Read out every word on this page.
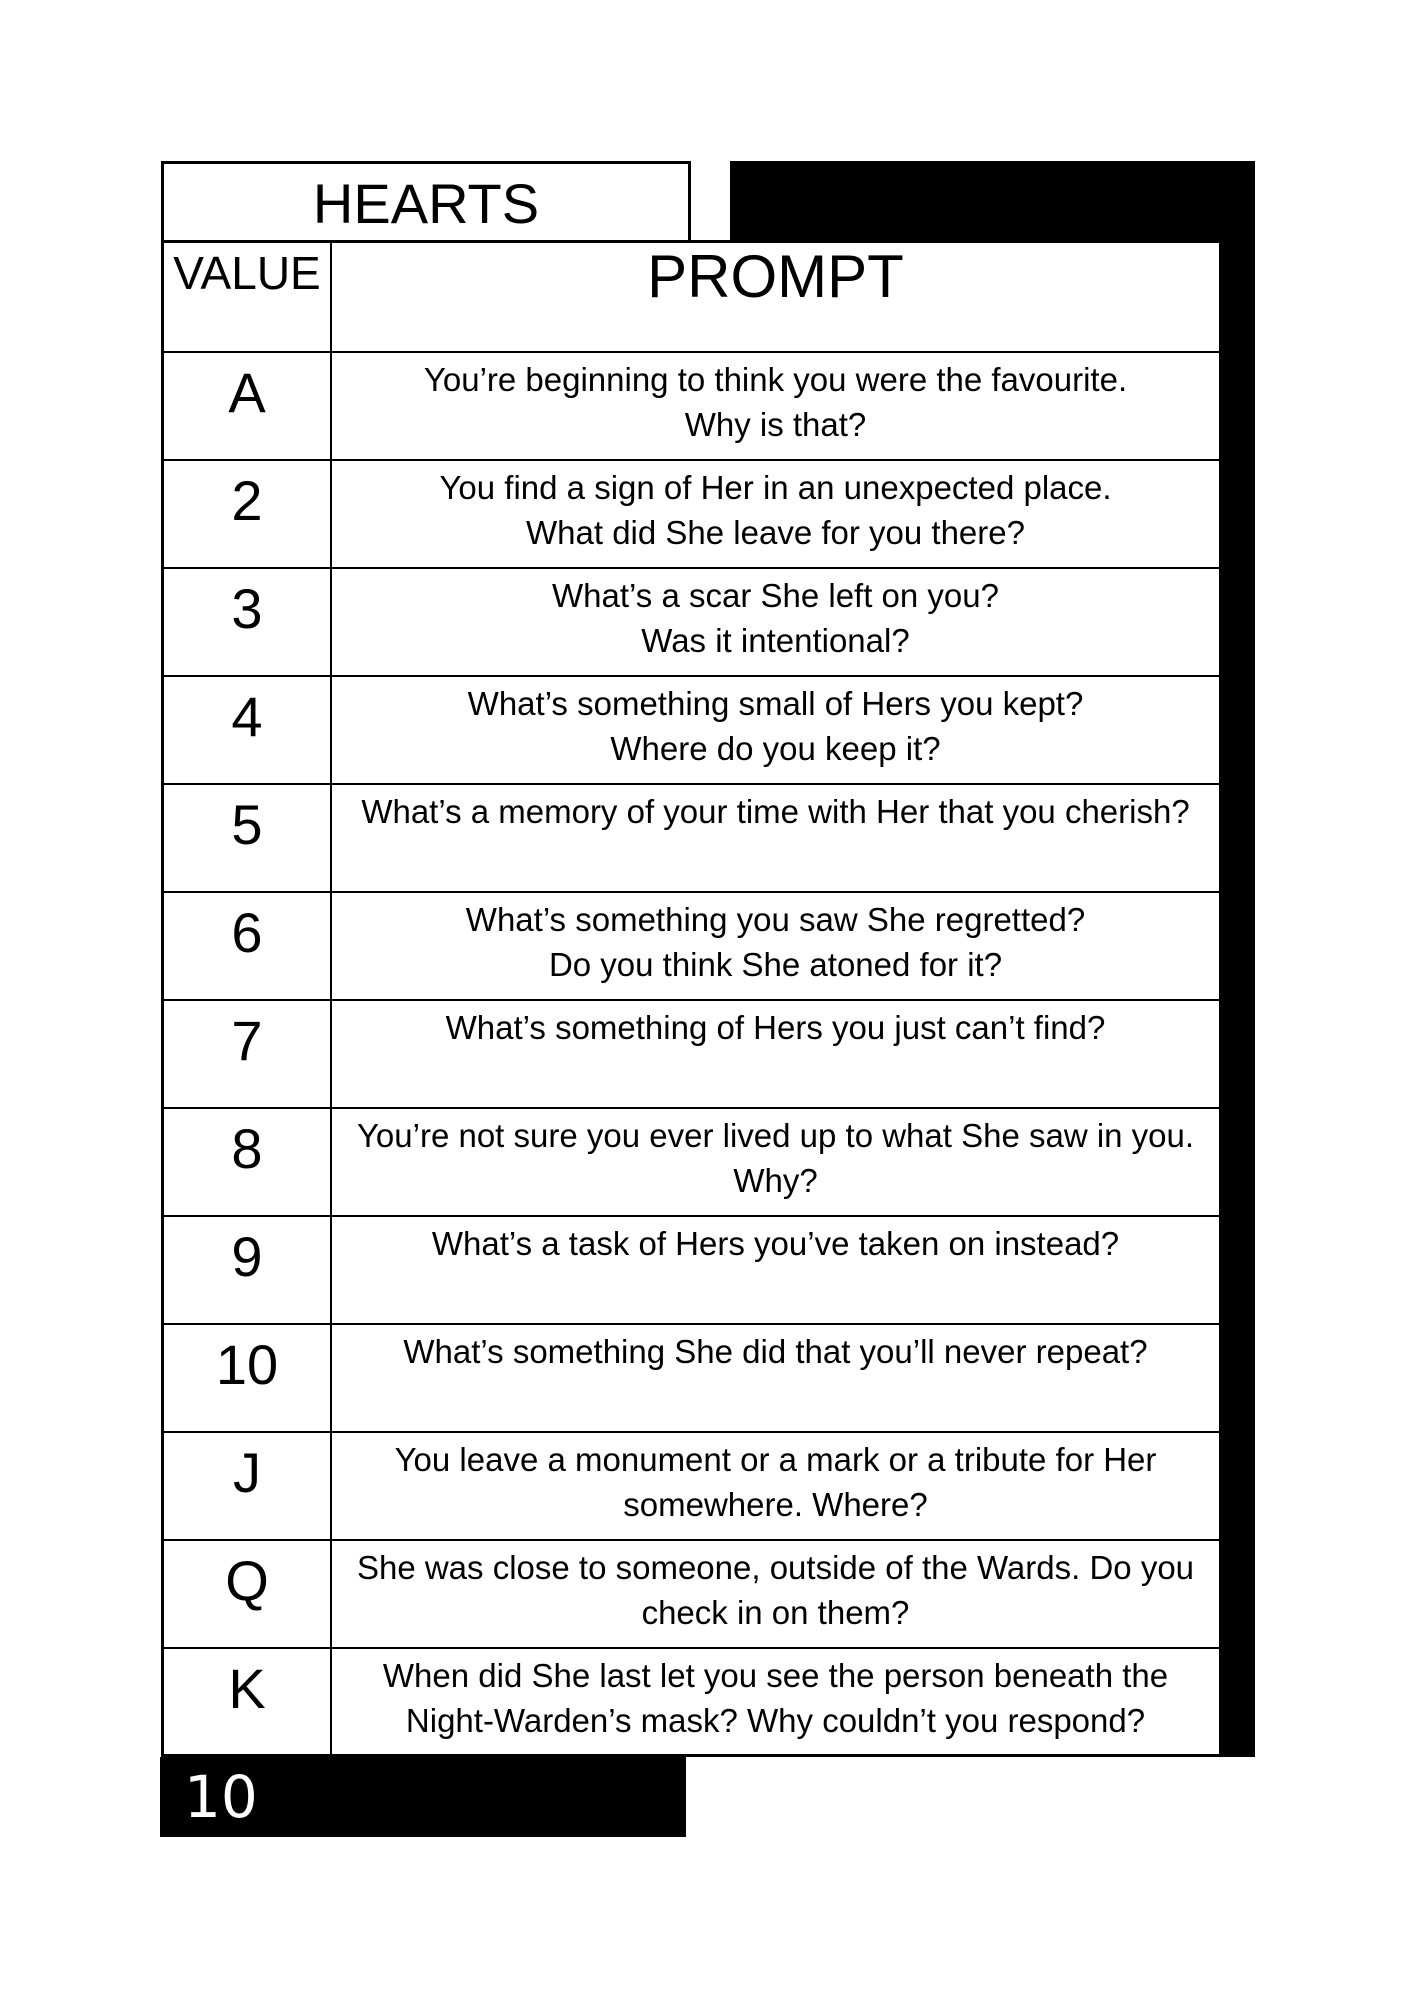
HEARTS
VALUE	PROMPT
A	You’re beginning to think you were the favourite.
Why is that?
2	You find a sign of Her in an unexpected place.
What did She leave for you there?
3	What’s a scar She left on you?
Was it intentional?
4	What’s something small of Hers you kept?
Where do you keep it?
5	What’s a memory of your time with Her that you cherish?
6	What’s something you saw She regretted?
Do you think She atoned for it?
7	What’s something of Hers you just can’t find?
8	You’re not sure you ever lived up to what She saw in you.
Why?
9	What’s a task of Hers you’ve taken on instead?
10	What’s something She did that you’ll never repeat?
J	You leave a monument or a mark or a tribute for Her
somewhere. Where?
Q	She was close to someone, outside of the Wards. Do you
check in on them?
K	When did She last let you see the person beneath the
Night-Warden’s mask? Why couldn’t you respond?
10
